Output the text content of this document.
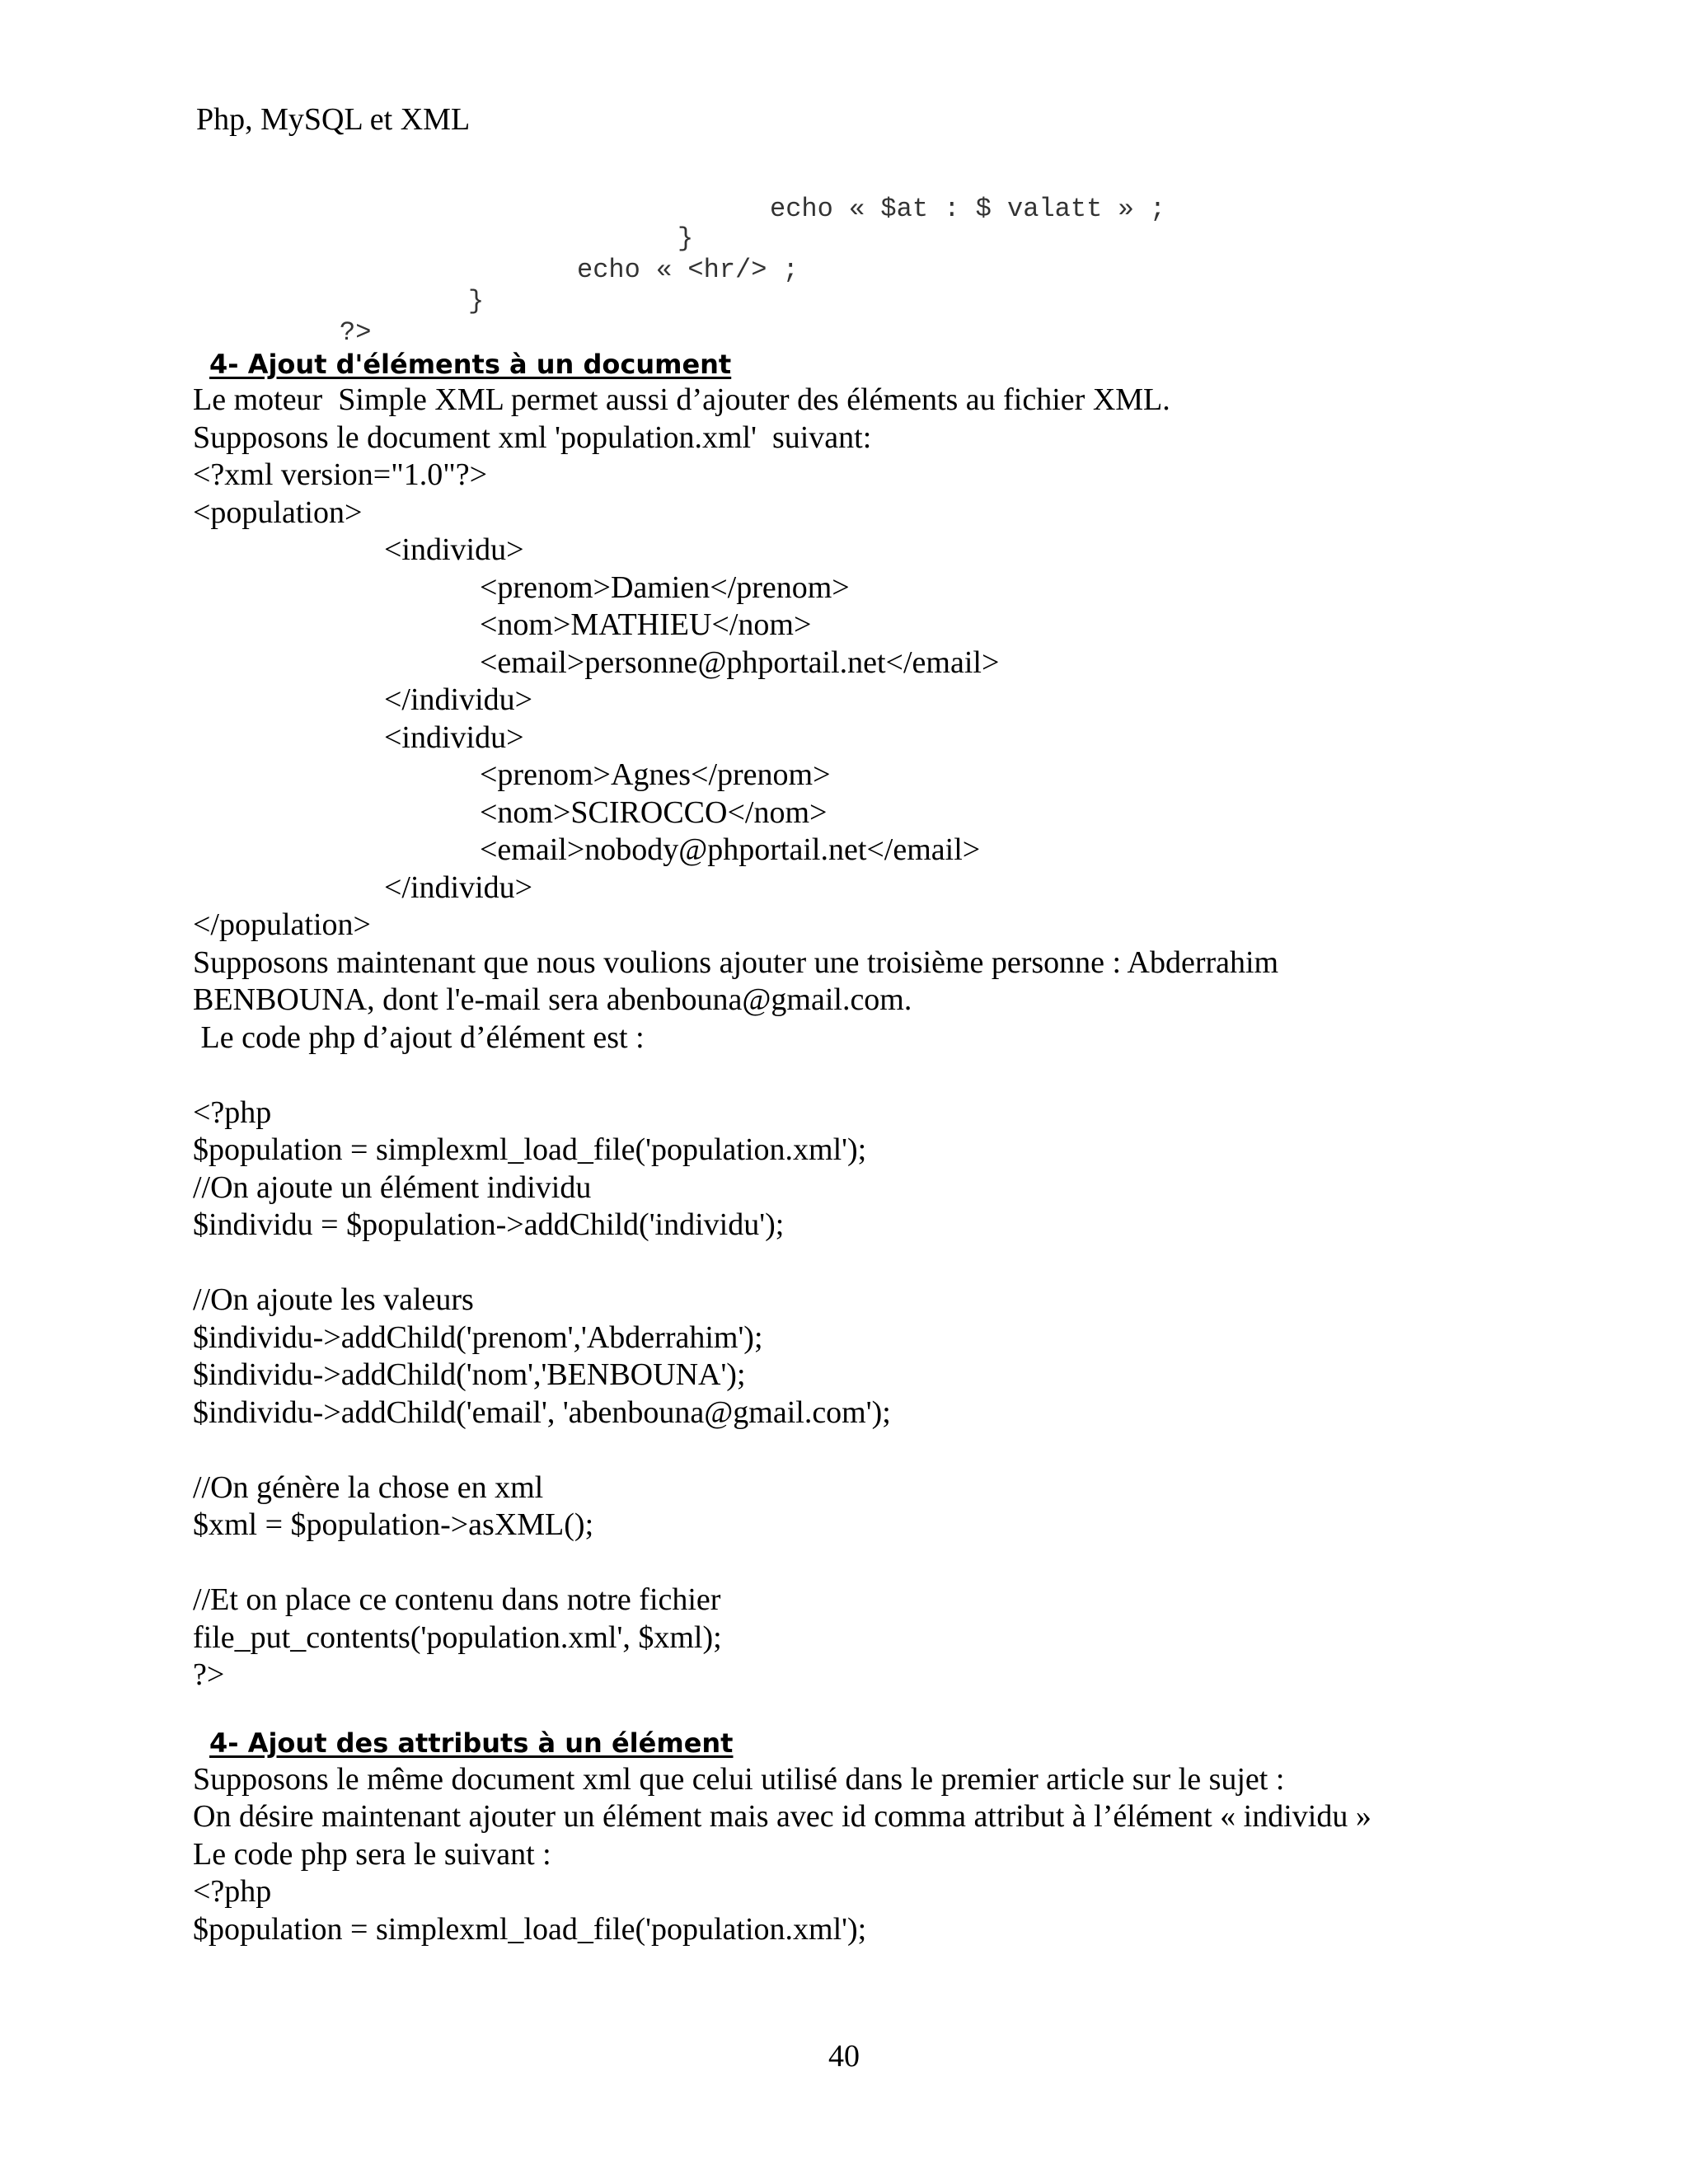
Php, MySQL et XML
echo « $at : $ valatt » ;
}
echo « <hr/> ;
}
?>
4- Ajout d'éléments à un document
Le moteur  Simple XML permet aussi d’ajouter des éléments au fichier XML.
Supposons le document xml 'population.xml'  suivant:
<?xml version="1.0"?>
<population>
<individu>
<prenom>Damien</prenom>
<nom>MATHIEU</nom>
<email>personne@phportail.net</email>
</individu>
<individu>
<prenom>Agnes</prenom>
<nom>SCIROCCO</nom>
<email>nobody@phportail.net</email>
</individu>
</population>
Supposons maintenant que nous voulions ajouter une troisième personne : Abderrahim
BENBOUNA, dont l'e-mail sera abenbouna@gmail.com.
Le code php d’ajout d’élément est :
<?php
$population = simplexml_load_file('population.xml');
//On ajoute un élément individu
$individu = $population->addChild('individu');
//On ajoute les valeurs
$individu->addChild('prenom','Abderrahim');
$individu->addChild('nom','BENBOUNA');
$individu->addChild('email', 'abenbouna@gmail.com');
//On génère la chose en xml
$xml = $population->asXML();
//Et on place ce contenu dans notre fichier
file_put_contents('population.xml', $xml);
?>
4- Ajout des attributs à un élément
Supposons le même document xml que celui utilisé dans le premier article sur le sujet :
On désire maintenant ajouter un élément mais avec id comma attribut à l’élément « individu »
Le code php sera le suivant :
<?php
$population = simplexml_load_file('population.xml');
40
